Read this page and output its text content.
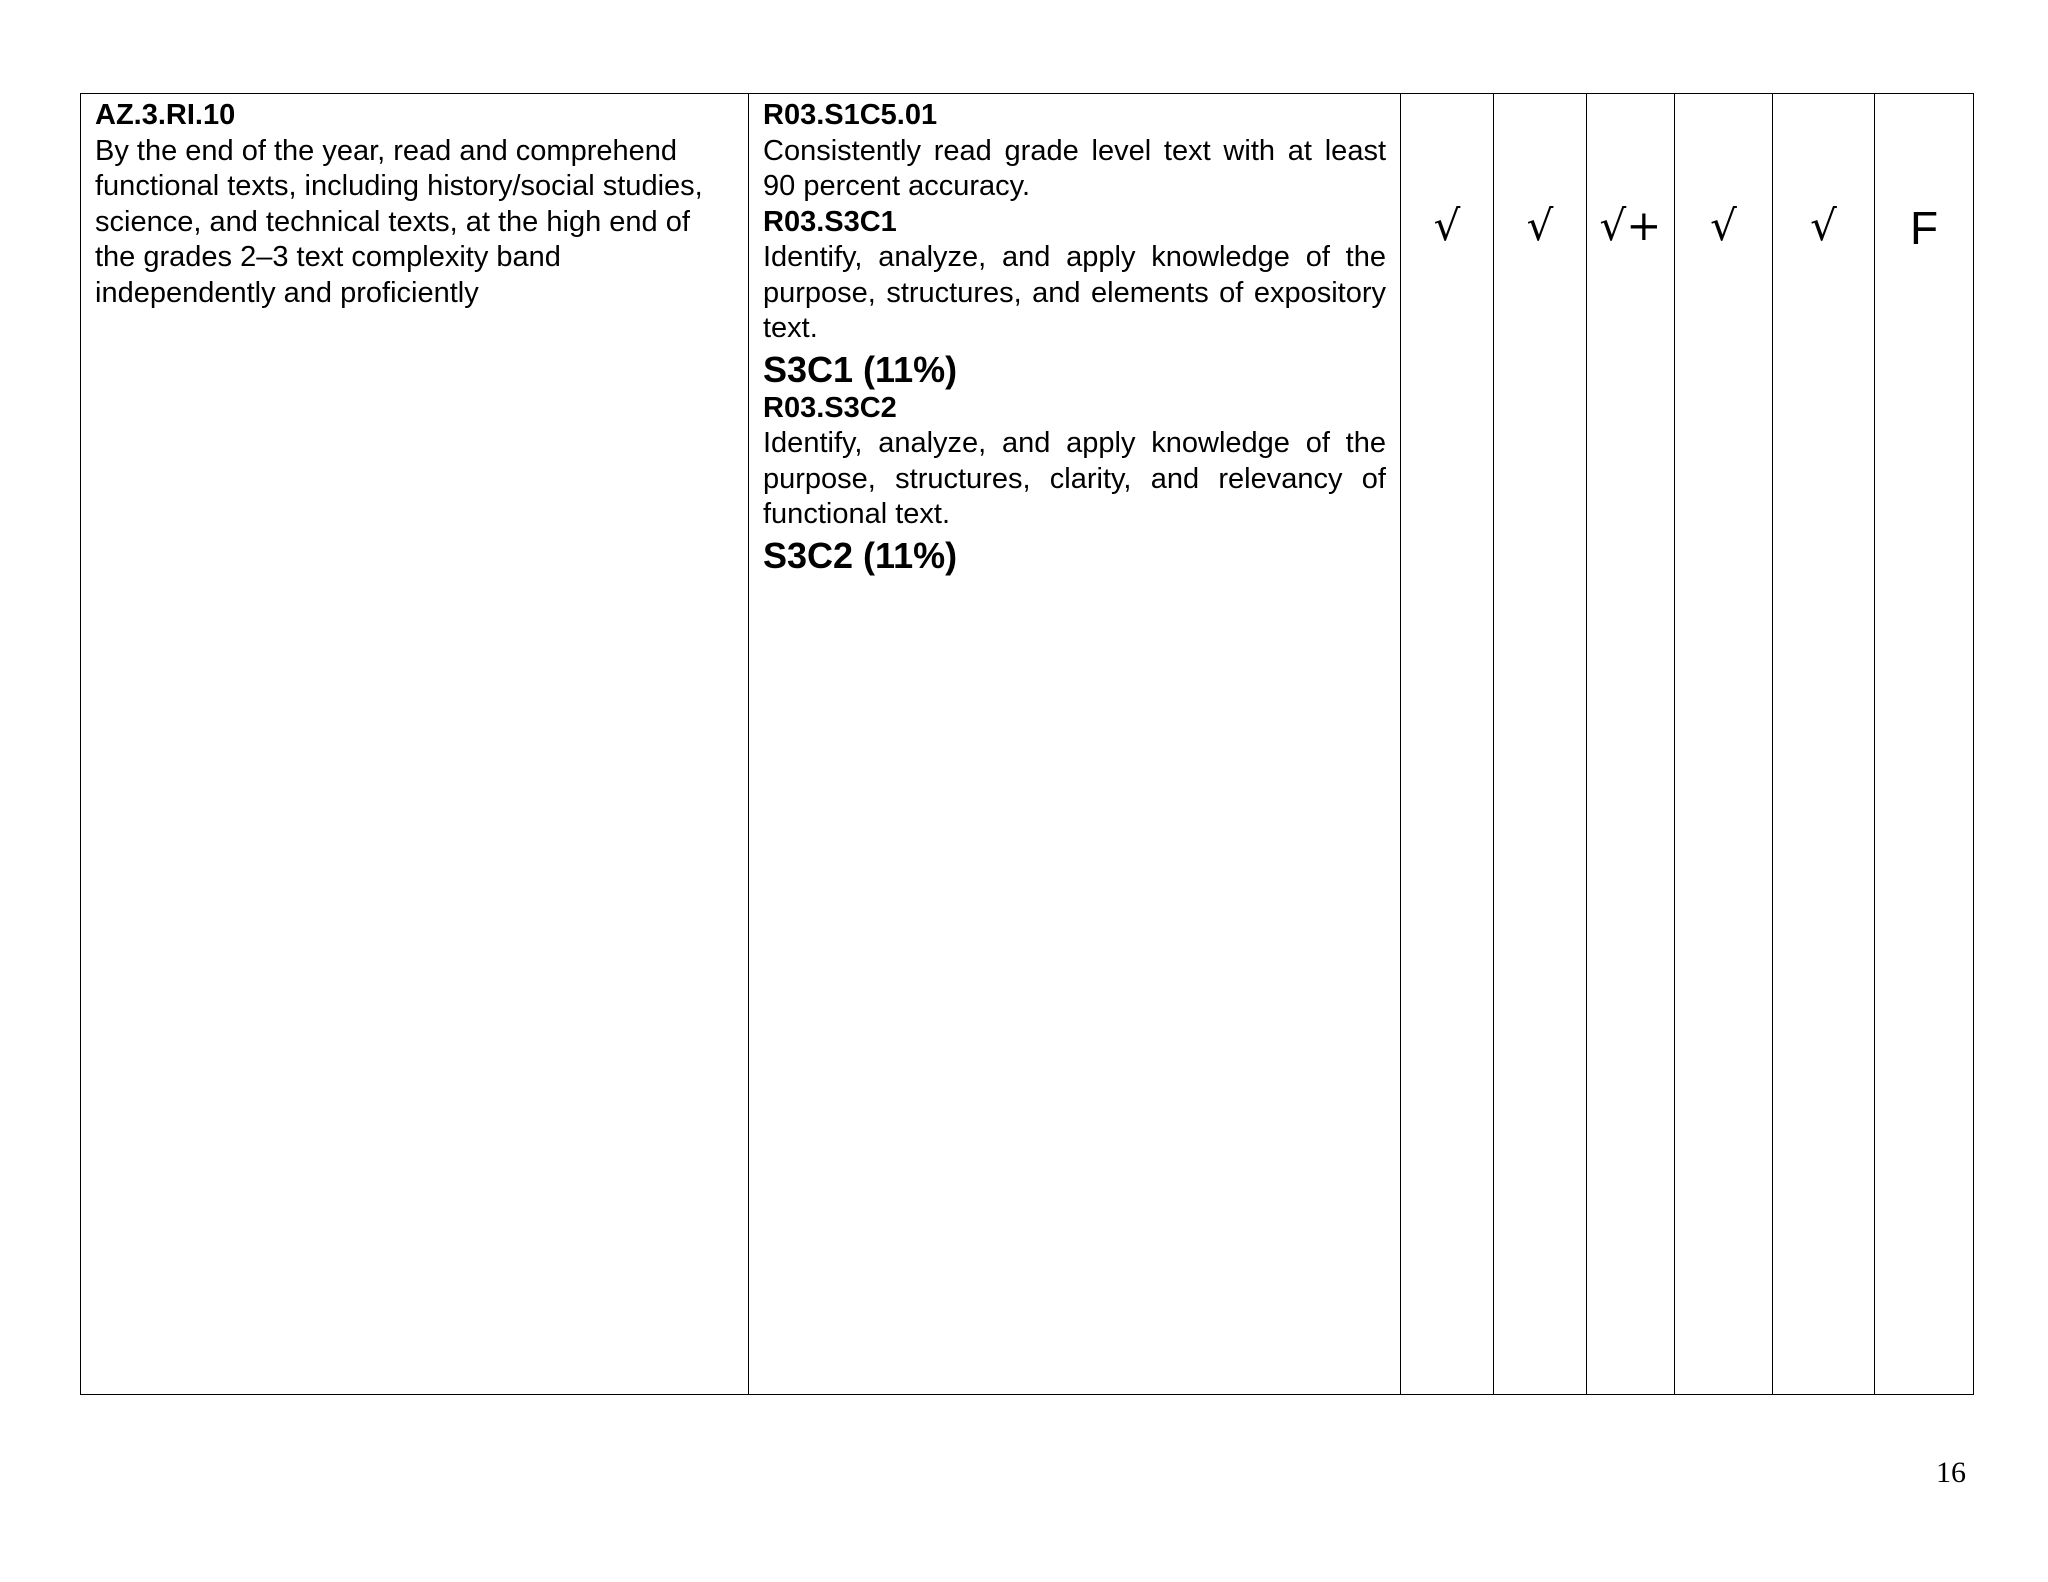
AZ.3.RI.10
By the end of the year, read and comprehend functional texts, including history/social studies, science, and technical texts, at the high end of the grades 2–3 text complexity band independently and proficiently

R03.S1C5.01
Consistently read grade level text with at least 90 percent accuracy.
R03.S3C1
Identify, analyze, and apply knowledge of the purpose, structures, and elements of expository text.
S3C1 (11%)
R03.S3C2
Identify, analyze, and apply knowledge of the purpose, structures, clarity, and relevancy of functional text.
S3C2 (11%)

√	√	√+	√	√	F
16
